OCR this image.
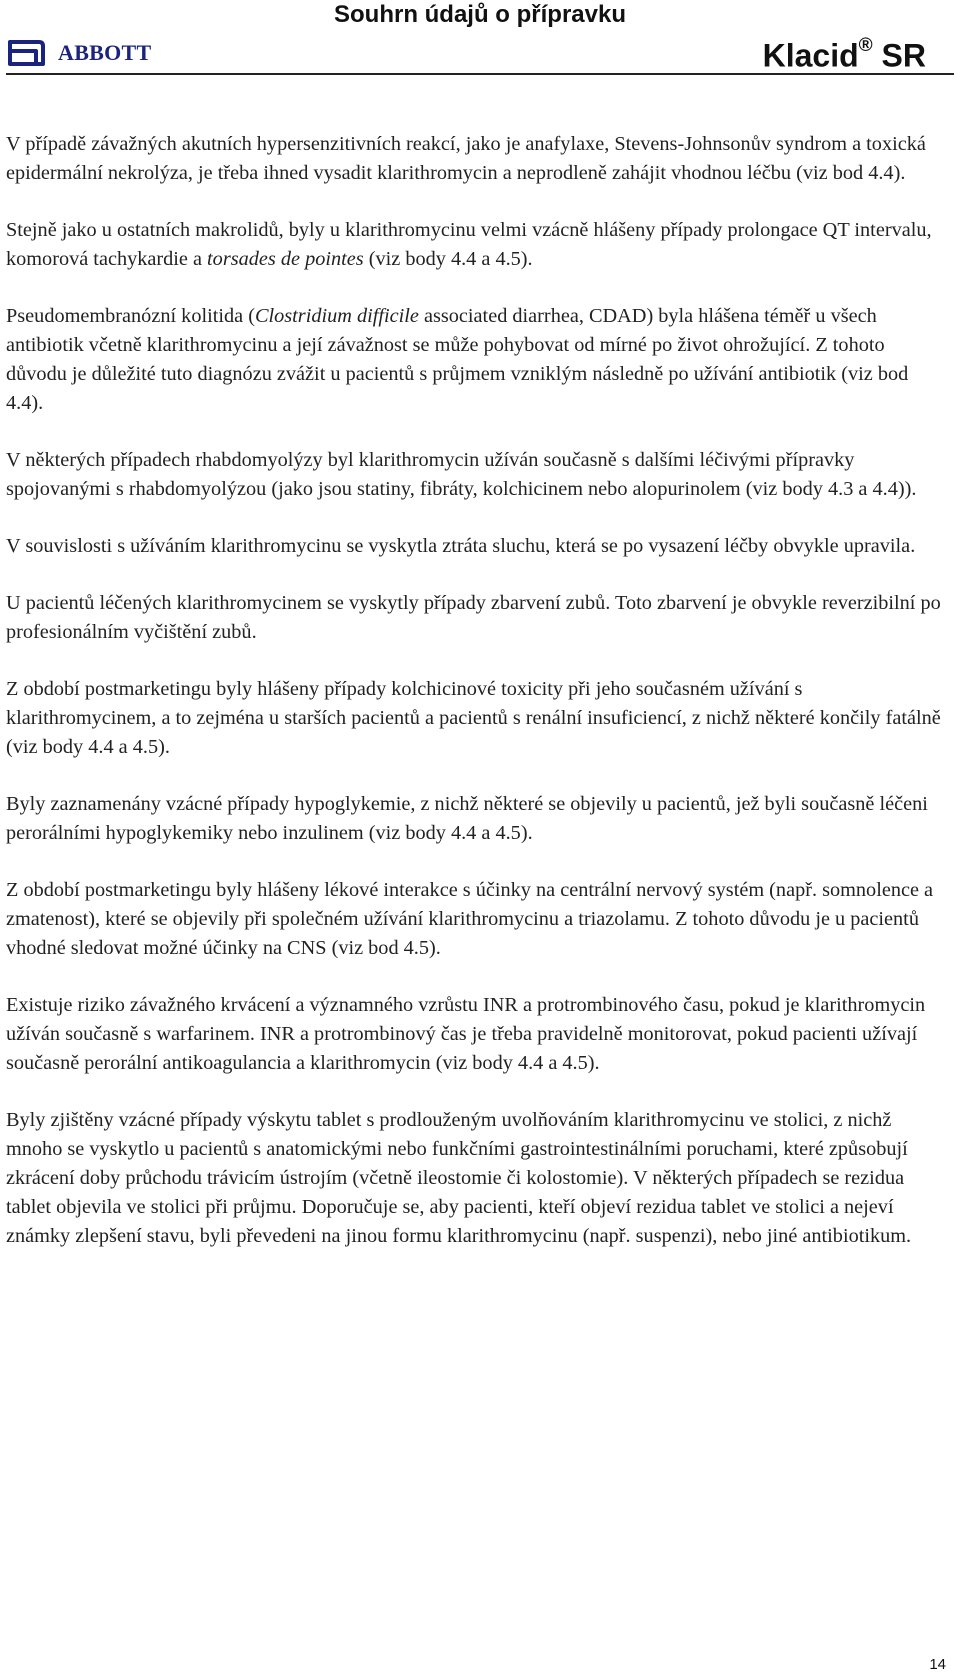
Souhrn údajů o přípravku
ABBOTT	Klacid® SR

V případě závažných akutních hypersenzitivních reakcí, jako je anafylaxe, Stevens-Johnsonův syndrom a toxická epidermální nekrolýza, je třeba ihned vysadit klarithromycin a neprodleně zahájit vhodnou léčbu (viz bod 4.4).

Stejně jako u ostatních makrolidů, byly u klarithromycinu velmi vzácně hlášeny případy prolongace QT intervalu, komorová tachykardie a torsades de pointes (viz body 4.4 a 4.5).

Pseudomembranózní kolitida (Clostridium difficile associated diarrhea, CDAD) byla hlášena téměř u všech antibiotik včetně klarithromycinu a její závažnost se může pohybovat od mírné po život ohrožující. Z tohoto důvodu je důležité tuto diagnózu zvážit u pacientů s průjmem vzniklým následně po užívání antibiotik (viz bod 4.4).

V některých případech rhabdomyolýzy byl klarithromycin užíván současně s dalšími léčivými přípravky spojovanými s rhabdomyolýzou (jako jsou statiny, fibráty, kolchicinem nebo alopurinolem (viz body 4.3 a 4.4)).

V souvislosti s užíváním klarithromycinu se vyskytla ztráta sluchu, která se po vysazení léčby obvykle upravila.

U pacientů léčených klarithromycinem se vyskytly případy zbarvení zubů. Toto zbarvení je obvykle reverzibilní po profesionálním vyčištění zubů.

Z období postmarketingu byly hlášeny případy kolchicinové toxicity při jeho současném užívání s klarithromycinem, a to zejména u starších pacientů a pacientů s renální insuficiencí, z nichž některé končily fatálně (viz body 4.4 a 4.5).

Byly zaznamenány vzácné případy hypoglykemie, z nichž některé se objevily u pacientů, jež byli současně léčeni perorálními hypoglykemiky nebo inzulinem (viz body 4.4 a 4.5).

Z období postmarketingu byly hlášeny lékové interakce s účinky na centrální nervový systém (např. somnolence a zmatenost), které se objevily při společném užívání klarithromycinu a triazolamu. Z tohoto důvodu je u pacientů vhodné sledovat možné účinky na CNS (viz bod 4.5).

Existuje riziko závažného krvácení a významného vzrůstu INR a protrombinového času, pokud je klarithromycin užíván současně s warfarinem. INR a protrombinový čas je třeba pravidelně monitorovat, pokud pacienti užívají současně perorální antikoagulancia a klarithromycin (viz body 4.4 a 4.5).

Byly zjištěny vzácné případy výskytu tablet s prodlouženým uvolňováním klarithromycinu ve stolici, z nichž mnoho se vyskytlo u pacientů s anatomickými nebo funkčními gastrointestinálními poruchami, které způsobují zkrácení doby průchodu trávicím ústrojím (včetně ileostomie či kolostomie). V některých případech se rezidua tablet objevila ve stolici při průjmu. Doporučuje se, aby pacienti, kteří objeví rezidua tablet ve stolici a nejeví známky zlepšení stavu, byli převedeni na jinou formu klarithromycinu (např. suspenzi), nebo jiné antibiotikum.

14
